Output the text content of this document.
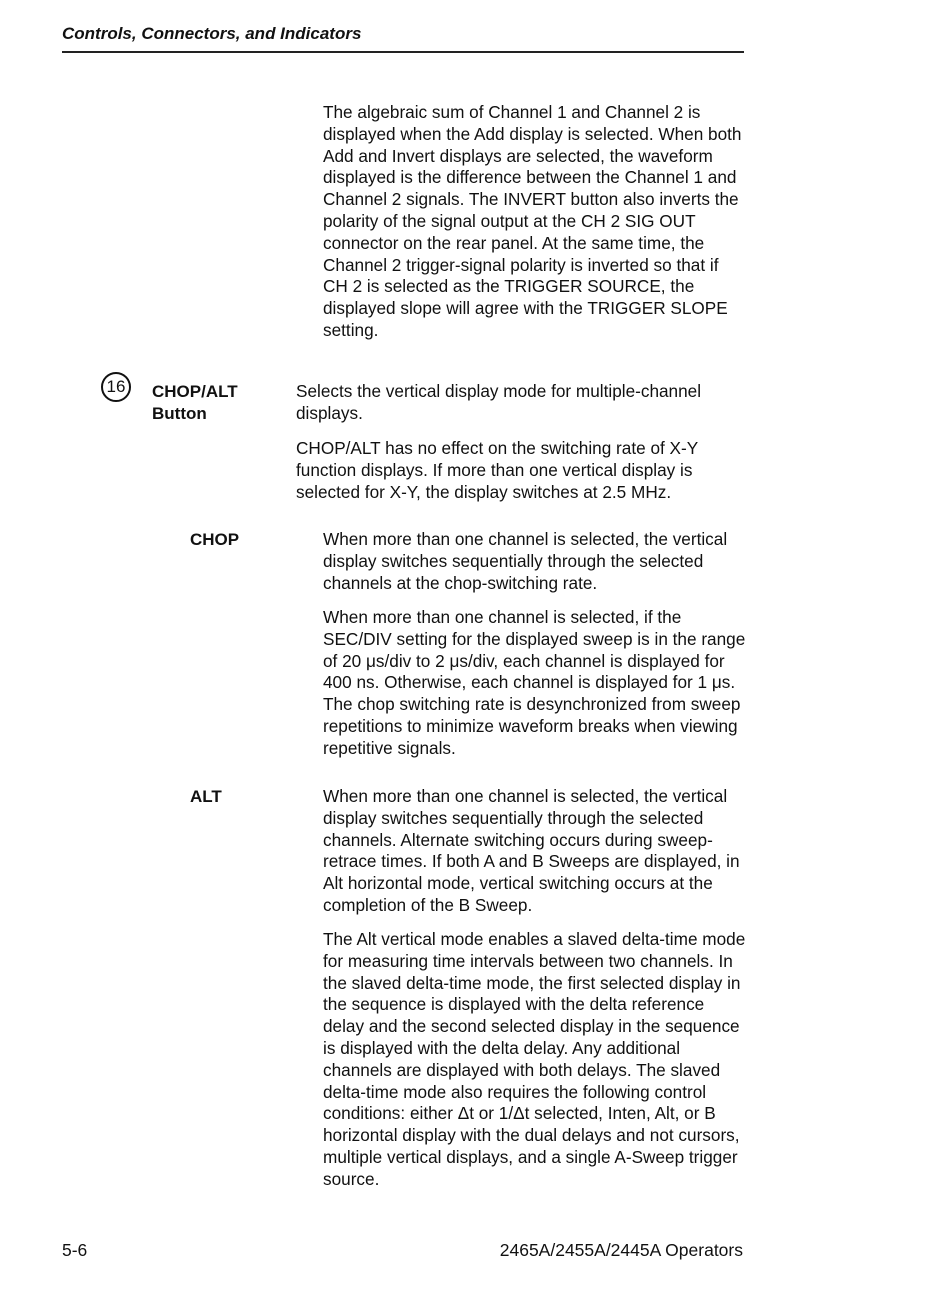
Controls, Connectors, and Indicators

The algebraic sum of Channel 1 and Channel 2 is displayed when the Add display is selected. When both Add and Invert displays are selected, the waveform displayed is the difference between the Channel 1 and Channel 2 signals. The INVERT button also inverts the polarity of the signal output at the CH 2 SIG OUT connector on the rear panel. At the same time, the Channel 2 trigger-signal polarity is inverted so that if CH 2 is selected as the TRIGGER SOURCE, the displayed slope will agree with the TRIGGER SLOPE setting.

16	CHOP/ALT
Button

Selects the vertical display mode for multiple-channel displays.

CHOP/ALT has no effect on the switching rate of X-Y function displays. If more than one vertical display is selected for X-Y, the display switches at 2.5 MHz.

CHOP	When more than one channel is selected, the vertical display switches sequentially through the selected channels at the chop-switching rate.

When more than one channel is selected, if the SEC/DIV setting for the displayed sweep is in the range of 20 μs/div to 2 μs/div, each channel is displayed for 400 ns. Otherwise, each channel is displayed for 1 μs. The chop switching rate is desynchronized from sweep repetitions to minimize waveform breaks when viewing repetitive signals.

ALT	When more than one channel is selected, the vertical display switches sequentially through the selected channels. Alternate switching occurs during sweep-retrace times. If both A and B Sweeps are displayed, in Alt horizontal mode, vertical switching occurs at the completion of the B Sweep.

The Alt vertical mode enables a slaved delta-time mode for measuring time intervals between two channels. In the slaved delta-time mode, the first selected display in the sequence is displayed with the delta reference delay and the second selected display in the sequence is displayed with the delta delay. Any additional channels are displayed with both delays. The slaved delta-time mode also requires the following control conditions: either Δt or 1/Δt selected, Inten, Alt, or B horizontal display with the dual delays and not cursors, multiple vertical displays, and a single A-Sweep trigger source.

5-6	2465A/2455A/2445A Operators
